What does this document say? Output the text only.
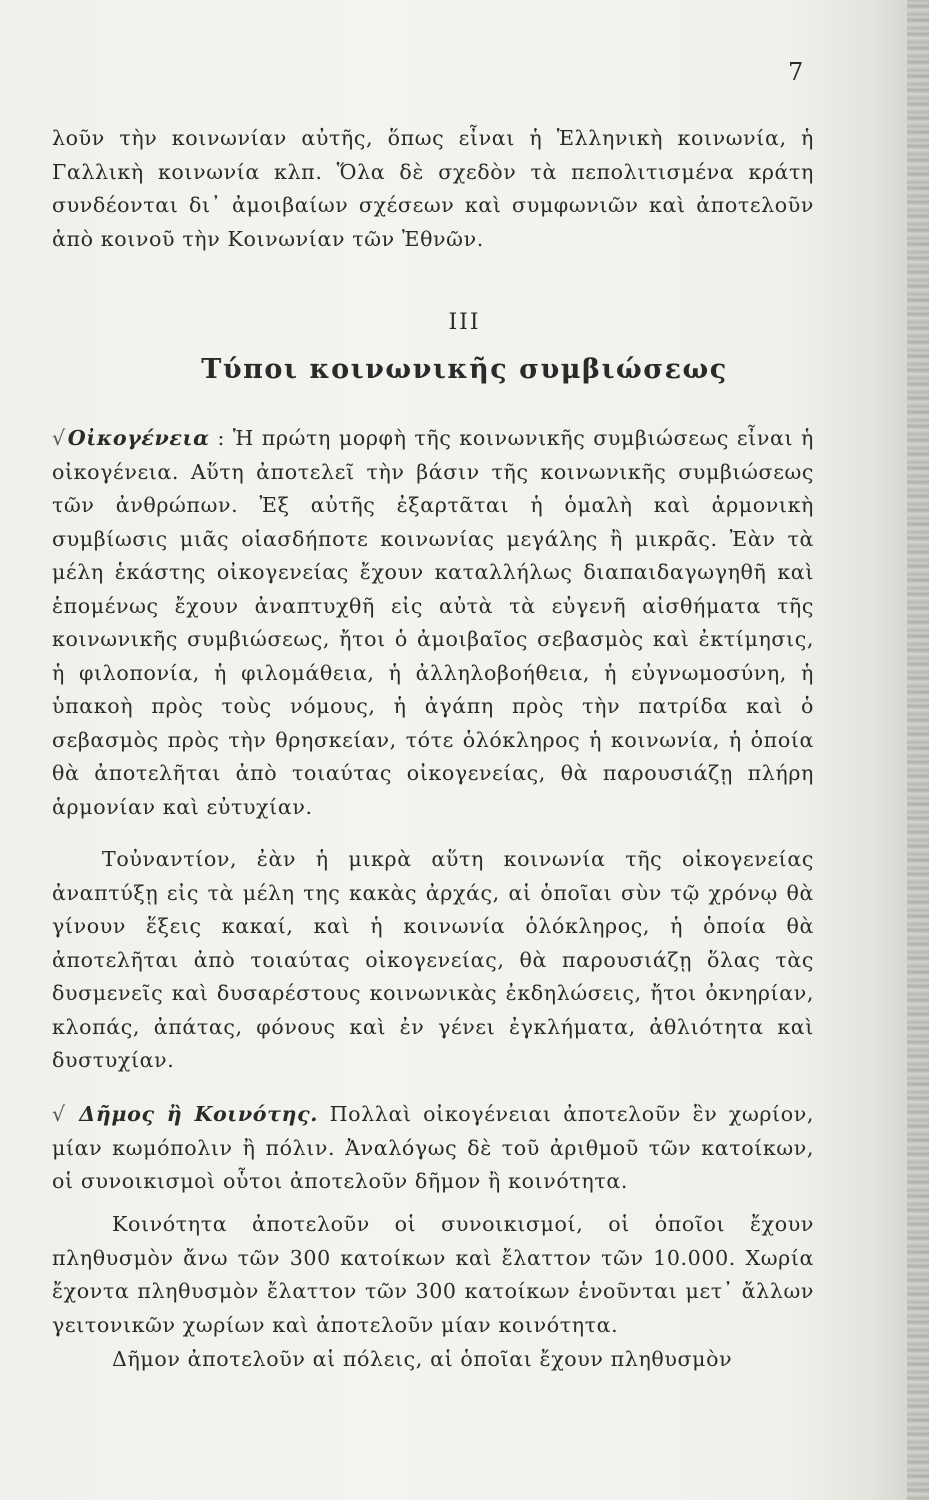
7

λοῦν τὴν κοινωνίαν αὐτῆς, ὅπως εἶναι ἡ Ἑλληνικὴ κοινωνία, ἡ Γαλλικὴ κοινωνία κλπ. Ὅλα δὲ σχεδὸν τὰ πεπολιτισμένα κράτη συνδέονται δι᾿ ἀμοιβαίων σχέσεων καὶ συμφωνιῶν καὶ ἀποτελοῦν ἀπὸ κοινοῦ τὴν Κοινωνίαν τῶν Ἐθνῶν.

III
Τύποι κοινωνικῆς συμβιώσεως

√Οἰκογένεια : Ἡ πρώτη μορφὴ τῆς κοινωνικῆς συμβιώσεως εἶναι ἡ οἰκογένεια. Αὕτη ἀποτελεῖ τὴν βάσιν τῆς κοινωνικῆς συμβιώσεως τῶν ἀνθρώπων. Ἐξ αὐτῆς ἐξαρτᾶται ἡ ὁμαλὴ καὶ ἁρμονικὴ συμβίωσις μιᾶς οἱασδήποτε κοινωνίας μεγάλης ἢ μικρᾶς. Ἐὰν τὰ μέλη ἑκάστης οἰκογενείας ἔχουν καταλλήλως διαπαιδαγωγηθῆ καὶ ἑπομένως ἔχουν ἀναπτυχθῆ εἰς αὐτὰ τὰ εὐγενῆ αἰσθήματα τῆς κοινωνικῆς συμβιώσεως, ἤτοι ὁ ἀμοιβαῖος σεβασμὸς καὶ ἐκτίμησις, ἡ φιλοπονία, ἡ φιλομάθεια, ἡ ἀλληλοβοήθεια, ἡ εὐγνωμοσύνη, ἡ ὑπακοὴ πρὸς τοὺς νόμους, ἡ ἀγάπη πρὸς τὴν πατρίδα καὶ ὁ σεβασμὸς πρὸς τὴν θρησκείαν, τότε ὁλόκληρος ἡ κοινωνία, ἡ ὁποία θὰ ἀποτελῆται ἀπὸ τοιαύτας οἰκογενείας, θὰ παρουσιάζῃ πλήρη ἁρμονίαν καὶ εὐτυχίαν.

Τοὐναντίον, ἐὰν ἡ μικρὰ αὕτη κοινωνία τῆς οἰκογενείας ἀναπτύξῃ εἰς τὰ μέλη της κακὰς ἀρχάς, αἱ ὁποῖαι σὺν τῷ χρόνῳ θὰ γίνουν ἕξεις κακαί, καὶ ἡ κοινωνία ὁλόκληρος, ἡ ὁποία θὰ ἀποτελῆται ἀπὸ τοιαύτας οἰκογενείας, θὰ παρουσιάζῃ ὅλας τὰς δυσμενεῖς καὶ δυσαρέστους κοινωνικὰς ἐκδηλώσεις, ἤτοι ὀκνηρίαν, κλοπάς, ἀπάτας, φόνους καὶ ἐν γένει ἐγκλήματα, ἀθλιότητα καὶ δυστυχίαν.

√ Δῆμος ἢ Κοινότης. Πολλαὶ οἰκογένειαι ἀποτελοῦν ἓν χωρίον, μίαν κωμόπολιν ἢ πόλιν. Ἀναλόγως δὲ τοῦ ἀριθμοῦ τῶν κατοίκων, οἱ συνοικισμοὶ οὗτοι ἀποτελοῦν δῆμον ἢ κοινότητα.

Κοινότητα ἀποτελοῦν οἱ συνοικισμοί, οἱ ὁποῖοι ἔχουν πληθυσμὸν ἄνω τῶν 300 κατοίκων καὶ ἔλαττον τῶν 10.000. Χωρία ἔχοντα πληθυσμὸν ἔλαττον τῶν 300 κατοίκων ἑνοῦνται μετ᾿ ἄλλων γειτονικῶν χωρίων καὶ ἀποτελοῦν μίαν κοινότητα.

Δῆμον ἀποτελοῦν αἱ πόλεις, αἱ ὁποῖαι ἔχουν πληθυσμὸν
